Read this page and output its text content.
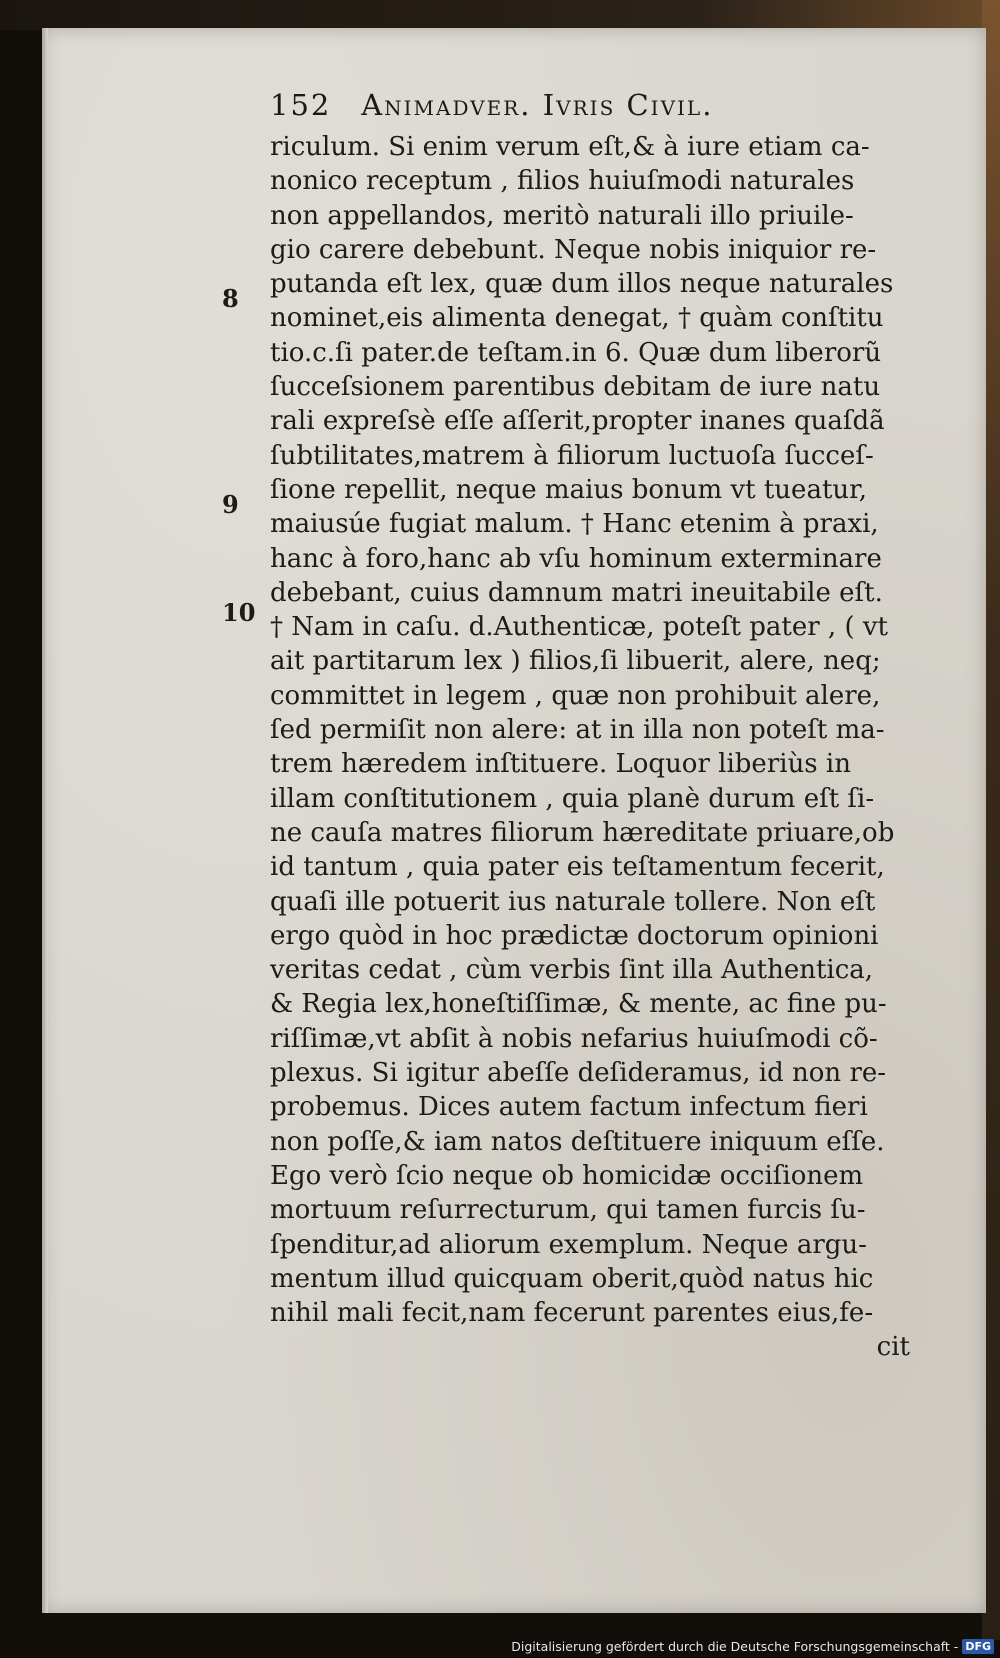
152 Animadver. Ivris Civil.
8
9
10
riculum. Si enim verum eſt,& à iure etiam ca-
nonico receptum , filios huiuſmodi naturales
non appellandos, meritò naturali illo priuile-
gio carere debebunt. Neque nobis iniquior re-
putanda eſt lex, quæ dum illos neque naturales
nominet,eis alimenta denegat, † quàm conſtitu
tio.c.ſi pater.de teſtam.in 6. Quæ dum liberorũ
ſucceſsionem parentibus debitam de iure natu
rali expreſsè eſſe aſſerit,propter inanes quaſdã
ſubtilitates,matrem à filiorum luctuoſa ſucceſ-
ſione repellit, neque maius bonum vt tueatur,
maiusúe fugiat malum. † Hanc etenim à praxi,
hanc à foro,hanc ab vſu hominum exterminare
debebant, cuius damnum matri ineuitabile eſt.
† Nam in caſu. d.Authenticæ, poteſt pater , ( vt
ait partitarum lex ) filios,ſi libuerit, alere, neq;
committet in legem , quæ non prohibuit alere,
ſed permiſit non alere: at in illa non poteſt ma-
trem hæredem inſtituere. Loquor liberiùs in
illam conſtitutionem , quia planè durum eſt ſi-
ne cauſa matres filiorum hæreditate priuare,ob
id tantum , quia pater eis teſtamentum fecerit,
quaſi ille potuerit ius naturale tollere. Non eſt
ergo quòd in hoc prædictæ doctorum opinioni
veritas cedat , cùm verbis ſint illa Authentica,
& Regia lex,honeſtiſſimæ, & mente, ac fine pu-
riſſimæ,vt abſit à nobis nefarius huiuſmodi cõ-
plexus. Si igitur abeſſe deſideramus, id non re-
probemus. Dices autem factum infectum fieri
non poſſe,& iam natos deſtituere iniquum eſſe.
Ego verò ſcio neque ob homicidæ occiſionem
mortuum reſurrecturum, qui tamen furcis ſu-
ſpenditur,ad aliorum exemplum. Neque argu-
mentum illud quicquam oberit,quòd natus hic
nihil mali fecit,nam fecerunt parentes eius,fe-
cit
Digitalisierung gefördert durch die Deutsche Forschungsgemeinschaft - DFG
